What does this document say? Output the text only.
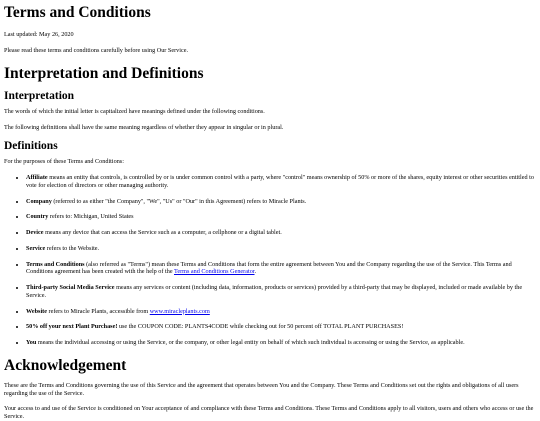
Terms and Conditions

Last updated: May 26, 2020

Please read these terms and conditions carefully before using Our Service.

Interpretation and Definitions
Interpretation

The words of which the initial letter is capitalized have meanings defined under the following conditions.

The following definitions shall have the same meaning regardless of whether they appear in singular or in plural.

Definitions

For the purposes of these Terms and Conditions:

• Affiliate means an entity that controls, is controlled by or is under common control with a party, where "control" means ownership of 50% or more of the shares, equity interest or other securities entitled to vote for election of directors or other managing authority.
• Company (referred to as either "the Company", "We", "Us" or "Our" in this Agreement) refers to Miracle Plants.
• Country refers to: Michigan, United States
• Device means any device that can access the Service such as a computer, a cellphone or a digital tablet.
• Service refers to the Website.
• Terms and Conditions (also referred as "Terms") mean these Terms and Conditions that form the entire agreement between You and the Company regarding the use of the Service. This Terms and Conditions agreement has been created with the help of the Terms and Conditions Generator.
• Third-party Social Media Service means any services or content (including data, information, products or services) provided by a third-party that may be displayed, included or made available by the Service.
• Website refers to Miracle Plants, accessible from www.miracleplants.com
• 50% off your next Plant Purchase! use the COUPON CODE: PLANTS4CODE while checking out for 50 percent off TOTAL PLANT PURCHASES!
• You means the individual accessing or using the Service, or the company, or other legal entity on behalf of which such individual is accessing or using the Service, as applicable.
Acknowledgement

These are the Terms and Conditions governing the use of this Service and the agreement that operates between You and the Company. These Terms and Conditions set out the rights and obligations of all users regarding the use of the Service.

Your access to and use of the Service is conditioned on Your acceptance of and compliance with these Terms and Conditions. These Terms and Conditions apply to all visitors, users and others who access or use the Service.
